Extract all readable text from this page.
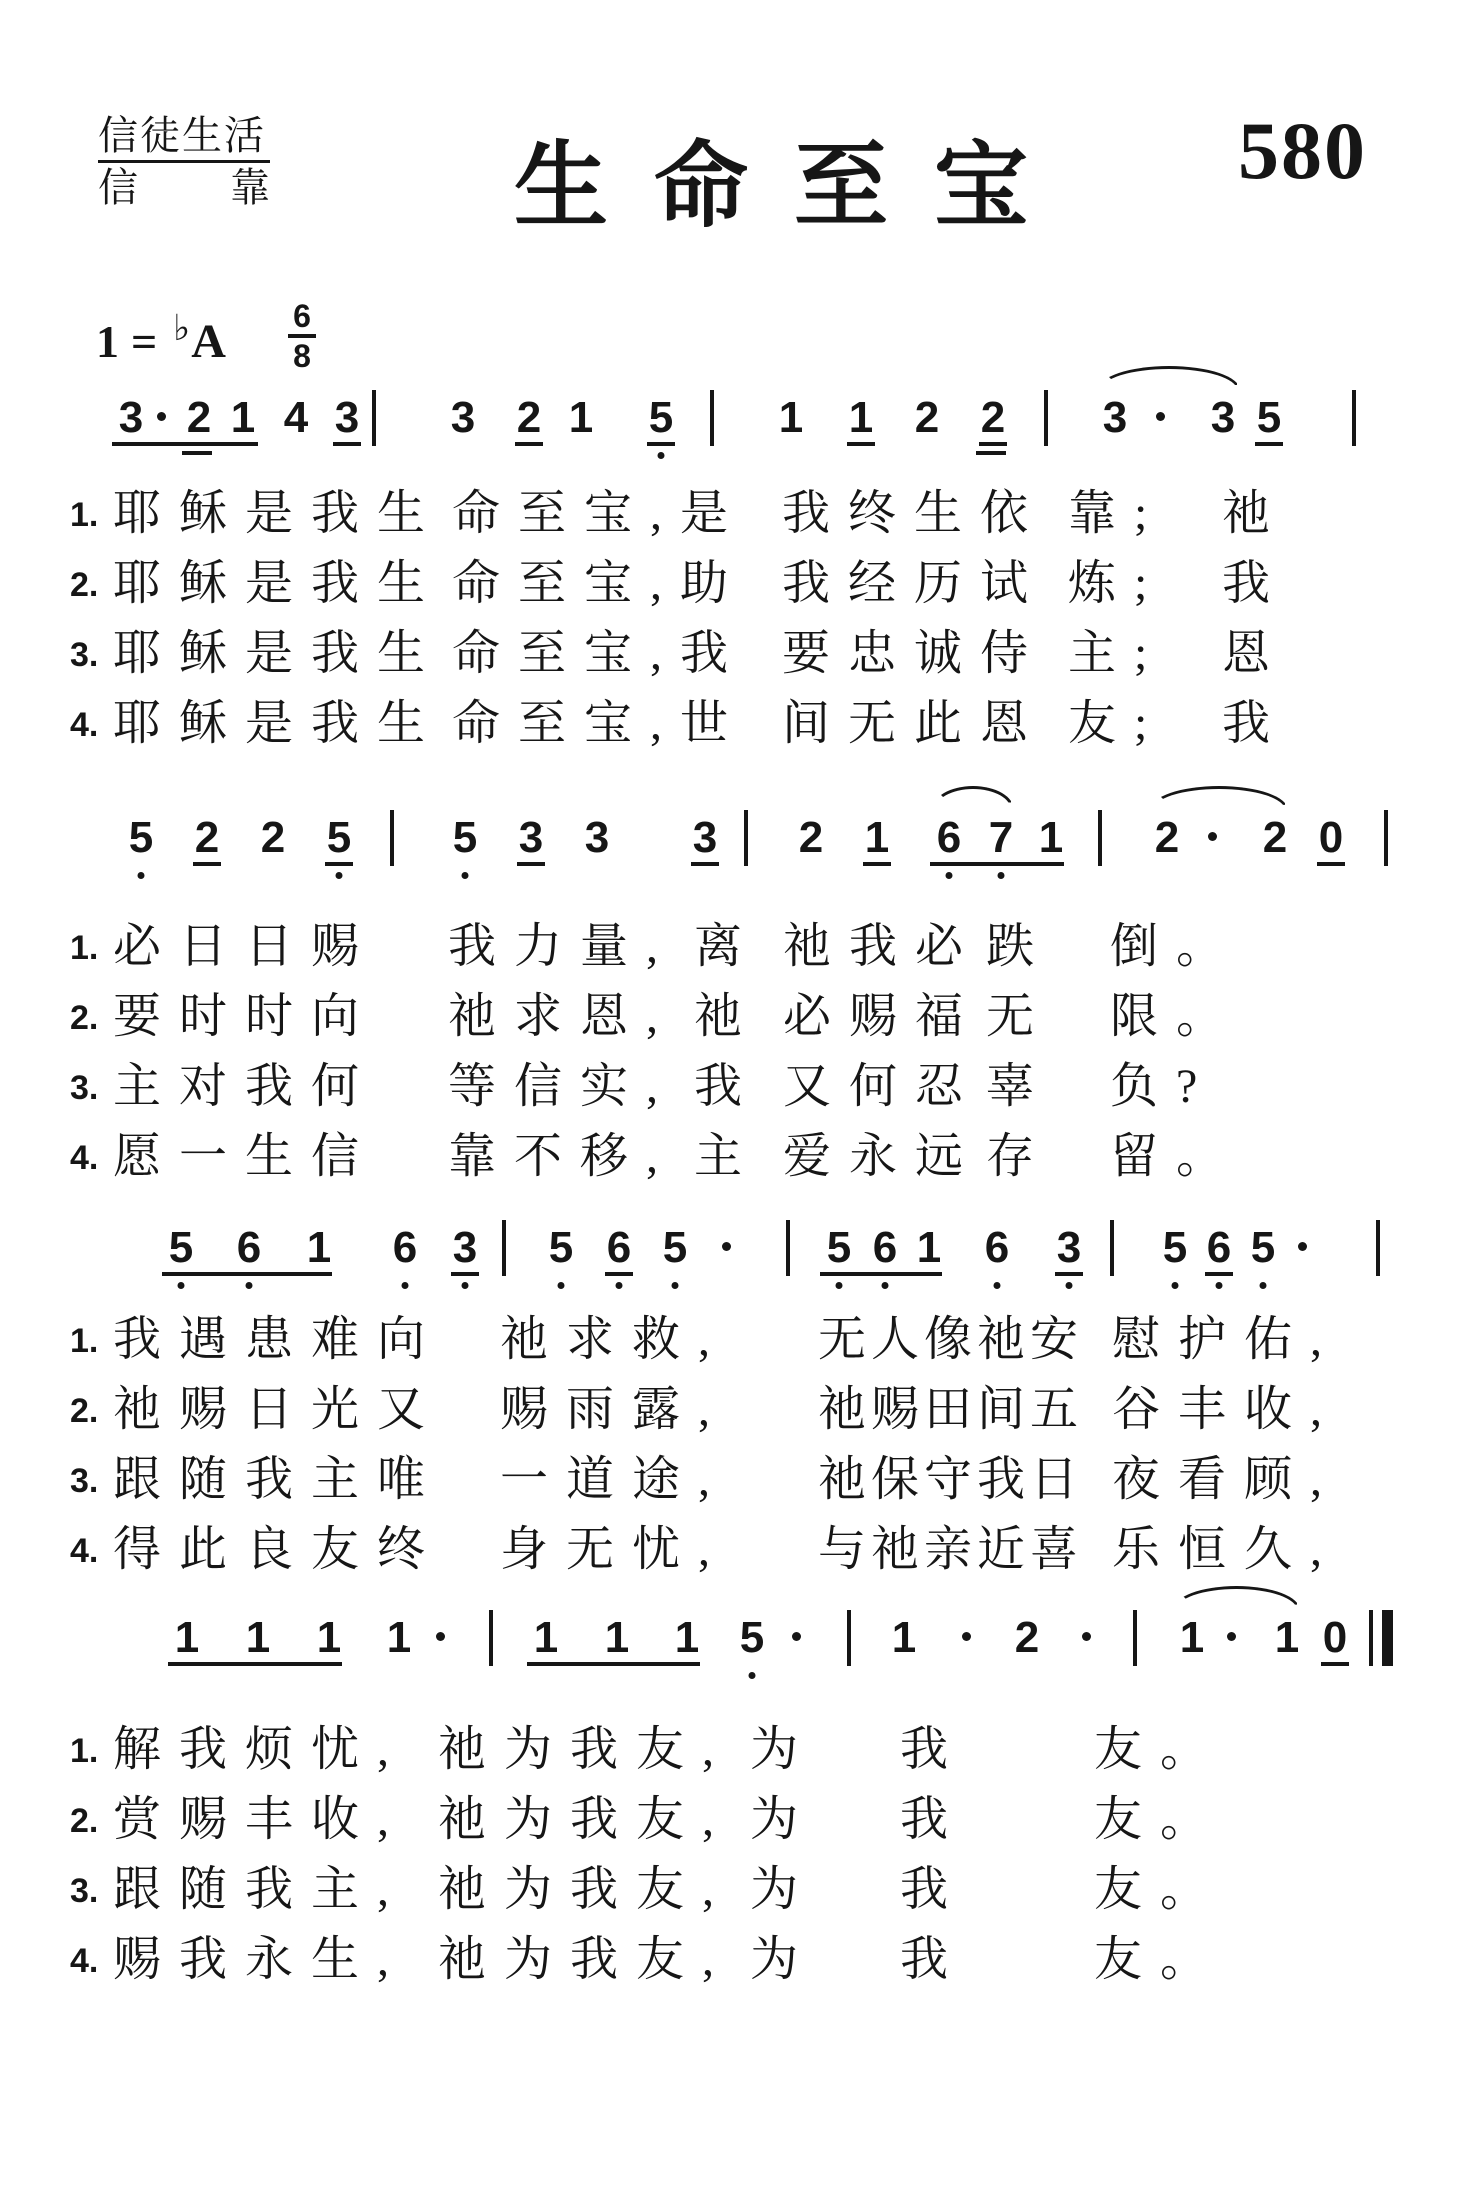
信徒生活
信 靠	生命至宝 580
1 = ♭A 6
8
3 2 1 4 3 3 2 1 5 1 1 2 2 3 3 5
1. 耶稣是我生 命至宝,是 我终生依 靠; 祂
2. 耶稣是我生 命至宝,助 我经历试 炼; 我
3. 耶稣是我生 命至宝,我 要忠诚侍 主; 恩
4. 耶稣是我生 命至宝,世 间无此恩 友; 我
5 2 2 5 5 3 3 3 2 1 6 7 1 2 2 0
1. 必日日赐 我力量, 离 祂我必 跌 倒。
2. 要时时向 祂求恩, 祂 必赐福 无 限。
3. 主对我何 等信实, 我 又何忍 辜 负?
4. 愿一生信 靠不移, 主 爱永远 存 留。
5 6 1 6 3 5 6 5	5 6 1 6 3 5 6 5
1. 我遇患难向 祂求救, 无人像祂安 慰护佑,
2. 祂赐日光又 赐雨露, 祂赐田间五 谷丰收,
3. 跟随我主唯 一道途, 祂保守我日 夜看顾,
4. 得此良友终 身无忧, 与祂亲近喜 乐恒久,
1 1 1 1	1 1 1 5	1 2	1 1 0
1. 解我烦忧, 祂为我友, 为 我	友。
2. 赏赐丰收, 祂为我友, 为 我	友。
3. 跟随我主, 祂为我友, 为 我	友。
4. 赐我永生, 祂为我友, 为 我	友。
